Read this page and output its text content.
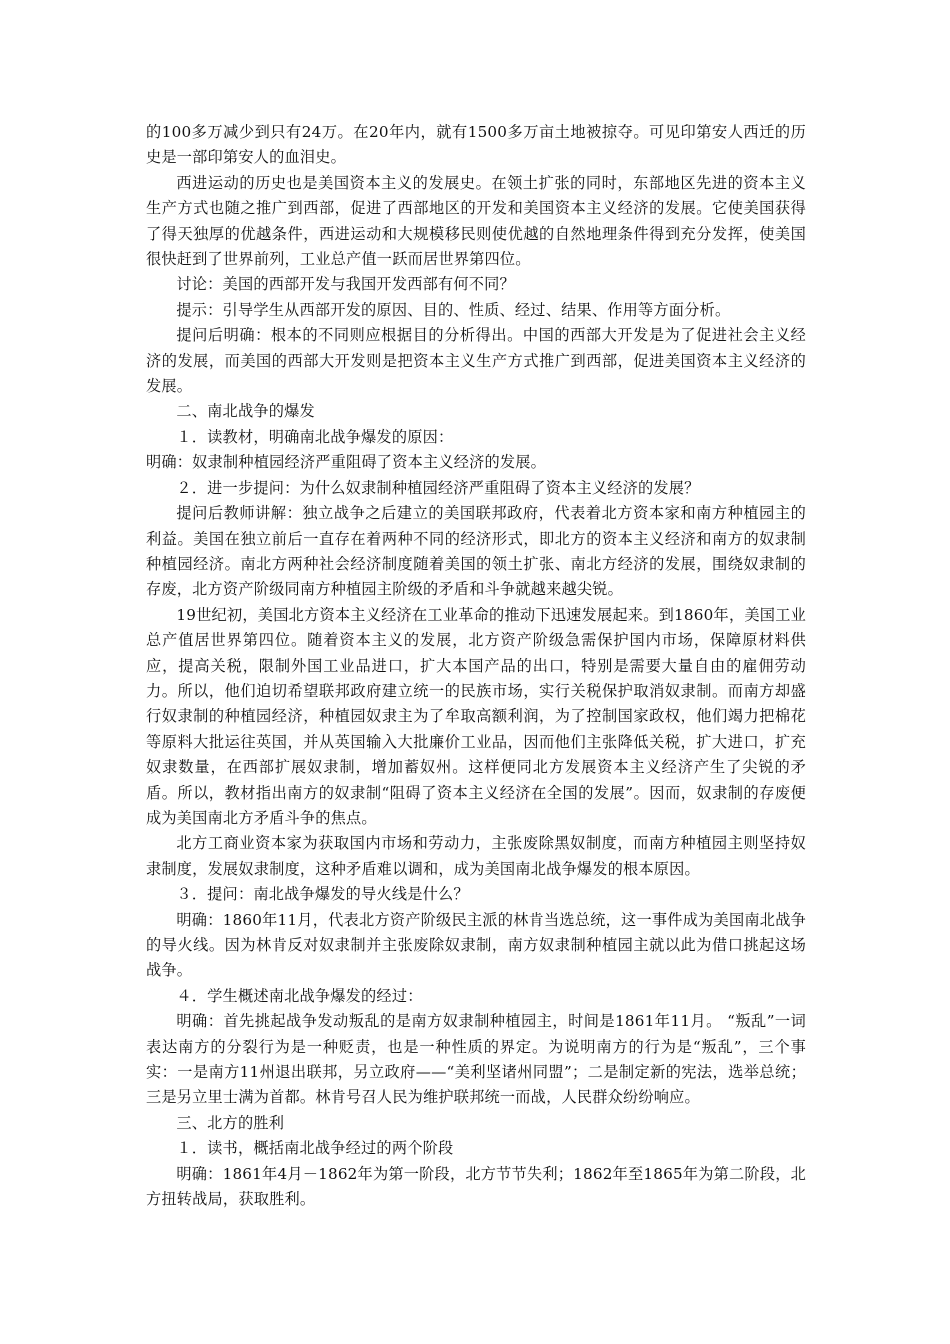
的100多万减少到只有24万。在20年内，就有1500多万亩土地被掠夺。可见印第安人西迁的历史是一部印第安人的血泪史。

西进运动的历史也是美国资本主义的发展史。在领土扩张的同时，东部地区先进的资本主义生产方式也随之推广到西部，促进了西部地区的开发和美国资本主义经济的发展。它使美国获得了得天独厚的优越条件，西进运动和大规模移民则使优越的自然地理条件得到充分发挥，使美国很快赶到了世界前列，工业总产值一跃而居世界第四位。

讨论：美国的西部开发与我国开发西部有何不同？

提示：引导学生从西部开发的原因、目的、性质、经过、结果、作用等方面分析。

提问后明确：根本的不同则应根据目的分析得出。中国的西部大开发是为了促进社会主义经济的发展，而美国的西部大开发则是把资本主义生产方式推广到西部，促进美国资本主义经济的发展。

二、南北战争的爆发

１．读教材，明确南北战争爆发的原因：

明确：奴隶制种植园经济严重阻碍了资本主义经济的发展。

２．进一步提问：为什么奴隶制种植园经济严重阻碍了资本主义经济的发展？

提问后教师讲解：独立战争之后建立的美国联邦政府，代表着北方资本家和南方种植园主的利益。美国在独立前后一直存在着两种不同的经济形式，即北方的资本主义经济和南方的奴隶制种植园经济。南北方两种社会经济制度随着美国的领土扩张、南北方经济的发展，围绕奴隶制的存废，北方资产阶级同南方种植园主阶级的矛盾和斗争就越来越尖锐。

19世纪初，美国北方资本主义经济在工业革命的推动下迅速发展起来。到1860年，美国工业总产值居世界第四位。随着资本主义的发展，北方资产阶级急需保护国内市场，保障原材料供应，提高关税，限制外国工业品进口，扩大本国产品的出口，特别是需要大量自由的雇佣劳动力。所以，他们迫切希望联邦政府建立统一的民族市场，实行关税保护取消奴隶制。而南方却盛行奴隶制的种植园经济，种植园奴隶主为了牟取高额利润，为了控制国家政权，他们竭力把棉花等原料大批运往英国，并从英国输入大批廉价工业品，因而他们主张降低关税，扩大进口，扩充奴隶数量，在西部扩展奴隶制，增加蓄奴州。这样便同北方发展资本主义经济产生了尖锐的矛盾。所以，教材指出南方的奴隶制“阻碍了资本主义经济在全国的发展”。因而，奴隶制的存废便成为美国南北方矛盾斗争的焦点。

北方工商业资本家为获取国内市场和劳动力，主张废除黑奴制度，而南方种植园主则坚持奴隶制度，发展奴隶制度，这种矛盾难以调和，成为美国南北战争爆发的根本原因。

３．提问：南北战争爆发的导火线是什么？

明确：1860年11月，代表北方资产阶级民主派的林肯当选总统，这一事件成为美国南北战争的导火线。因为林肯反对奴隶制并主张废除奴隶制，南方奴隶制种植园主就以此为借口挑起这场战争。

４．学生概述南北战争爆发的经过：

明确：首先挑起战争发动叛乱的是南方奴隶制种植园主，时间是1861年11月。 “叛乱”一词表达南方的分裂行为是一种贬责，也是一种性质的界定。为说明南方的行为是“叛乱”，三个事实：一是南方11州退出联邦，另立政府——“美利坚诸州同盟”；二是制定新的宪法，选举总统；三是另立里士满为首都。林肯号召人民为维护联邦统一而战，人民群众纷纷响应。

三、北方的胜利

１．读书，概括南北战争经过的两个阶段

明确：1861年4月－1862年为第一阶段，北方节节失利；1862年至1865年为第二阶段，北方扭转战局，获取胜利。
